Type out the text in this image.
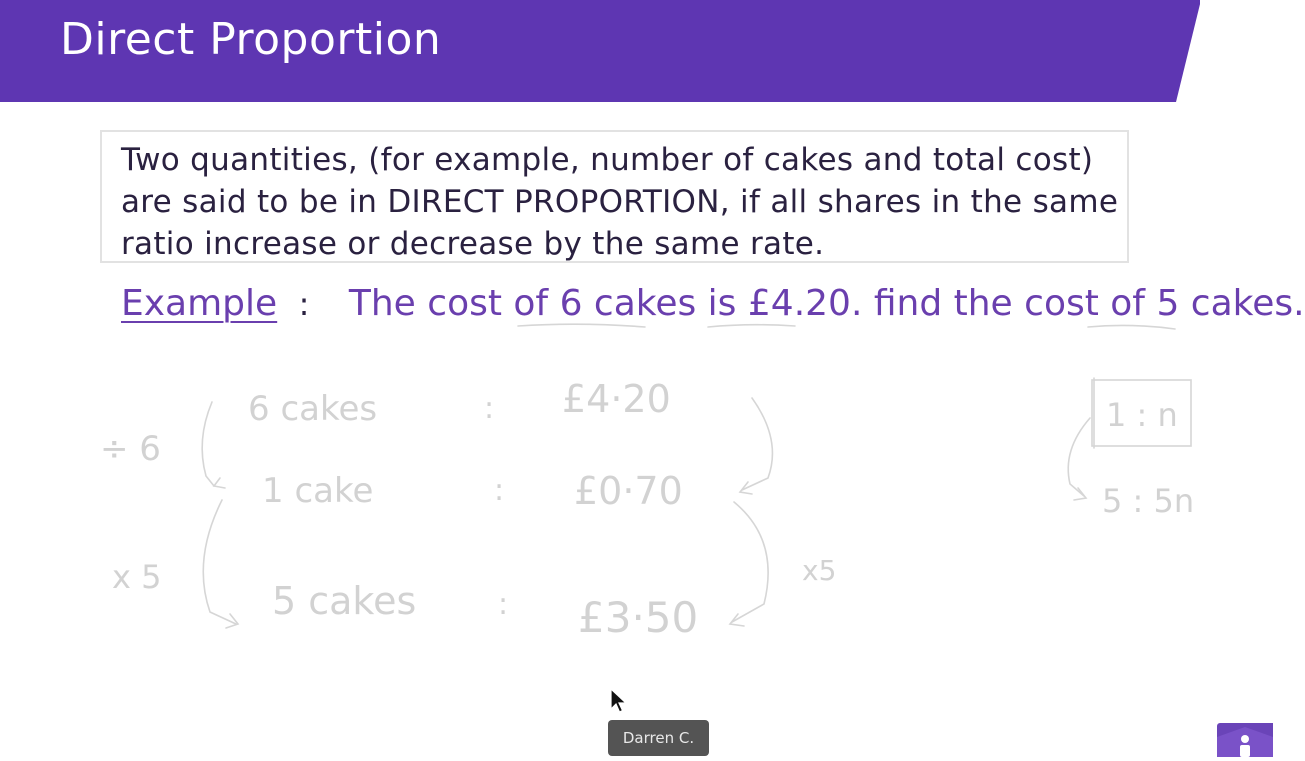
Direct Proportion
Two quantities, (for example, number of cakes and total cost)
are said to be in DIRECT PROPORTION, if all shares in the same
ratio increase or decrease by the same rate.
Example : The cost of 6 cakes is £4.20. find the cost of 5 cakes.
÷ 6
x 5
6 cakes	: £4·20
1 cake	: £0·70
5 cakes	: £3·50
x5
1 : n
5 : 5n
Darren C.
